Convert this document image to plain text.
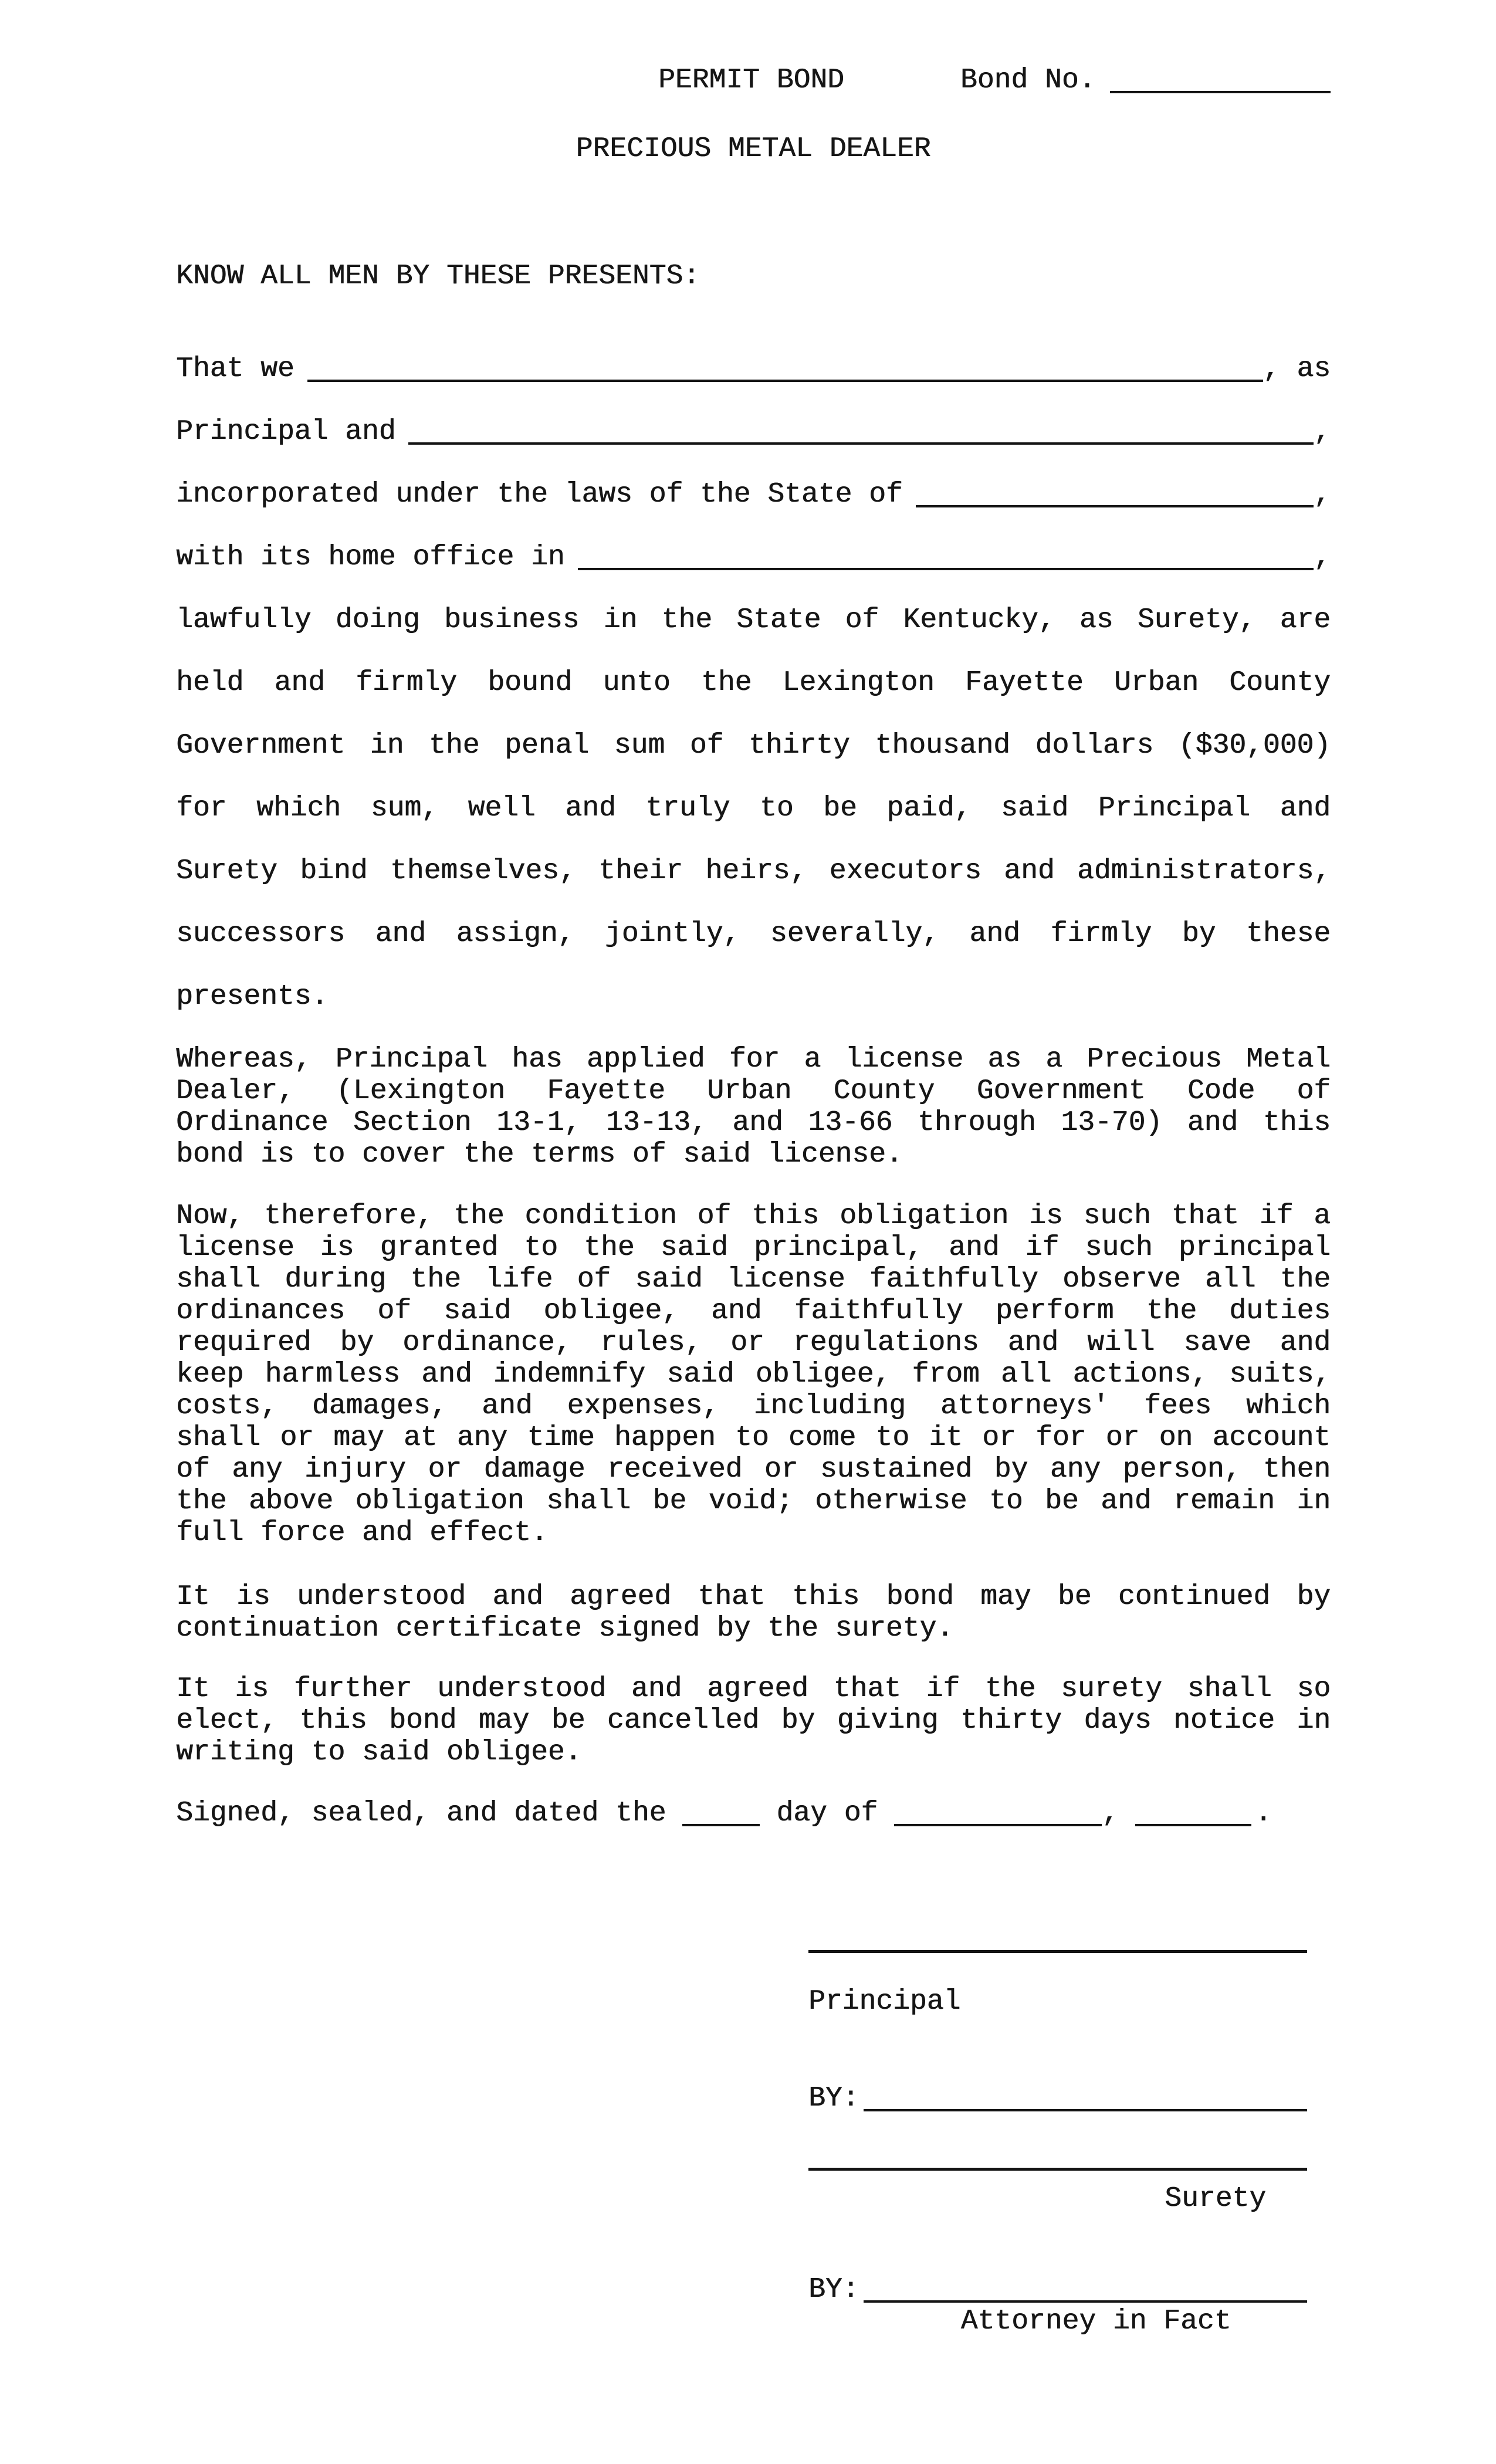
PERMIT BOND	Bond No.
PRECIOUS METAL DEALER
KNOW ALL MEN BY THESE PRESENTS:
That we	, as
Principal and	,
incorporated under the laws of the State of	,
with its home office in	,
lawfully doing business in the State of Kentucky, as Surety, are
held and firmly bound unto the Lexington Fayette Urban County
Government in the penal sum of thirty thousand dollars ($30,000)
for which sum, well and truly to be paid, said Principal and
Surety bind themselves, their heirs, executors and administrators,
successors and assign, jointly, severally, and firmly by these
presents.
Whereas, Principal has applied for a license as a Precious Metal
Dealer, (Lexington Fayette Urban County Government Code of
Ordinance Section 13-1, 13-13, and 13-66 through 13-70) and this
bond is to cover the terms of said license.
Now, therefore, the condition of this obligation is such that if a
license is granted to the said principal, and if such principal
shall during the life of said license faithfully observe all the
ordinances of said obligee, and faithfully perform the duties
required by ordinance, rules, or regulations and will save and
keep harmless and indemnify said obligee, from all actions, suits,
costs, damages, and expenses, including attorneys' fees which
shall or may at any time happen to come to it or for or on account
of any injury or damage received or sustained by any person, then
the above obligation shall be void; otherwise to be and remain in
full force and effect.
It is understood and agreed that this bond may be continued by
continuation certificate signed by the surety.
It is further understood and agreed that if the surety shall so
elect, this bond may be cancelled by giving thirty days notice in
writing to said obligee.
Signed, sealed, and dated the	day of	,	.
Principal
BY:
Surety
BY:
Attorney in Fact
